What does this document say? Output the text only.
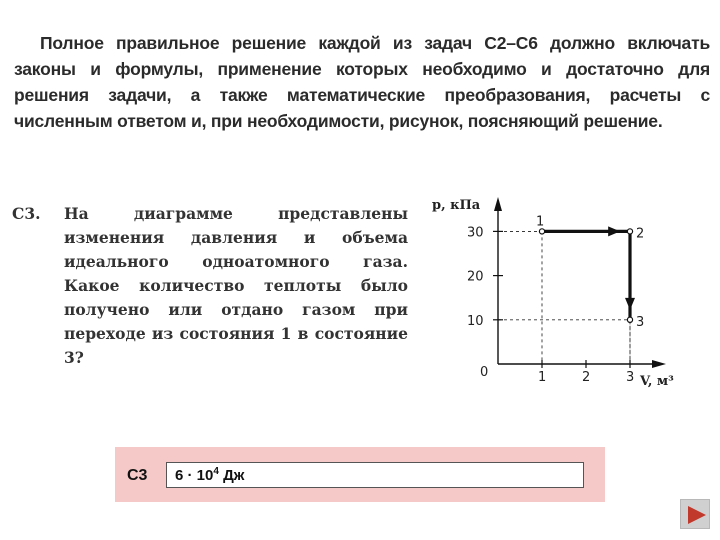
Полное правильное решение каждой из задач С2–С6 должно включать законы и формулы, применение которых необходимо и достаточно для решения задачи, а также математические преобразования, расчеты с численным ответом и, при необходимости, рисунок, поясняющий решение.
С3.	На диаграмме представлены изменения давления и объема идеального одноатомного газа. Какое количество теплоты было получено или отдано газом при переходе из состояния 1 в состояние 3?
1	2	3
10
20
30
1
2
3
p, кПа
V, м³
0
С3	$6 \cdot 10^4$ Дж
